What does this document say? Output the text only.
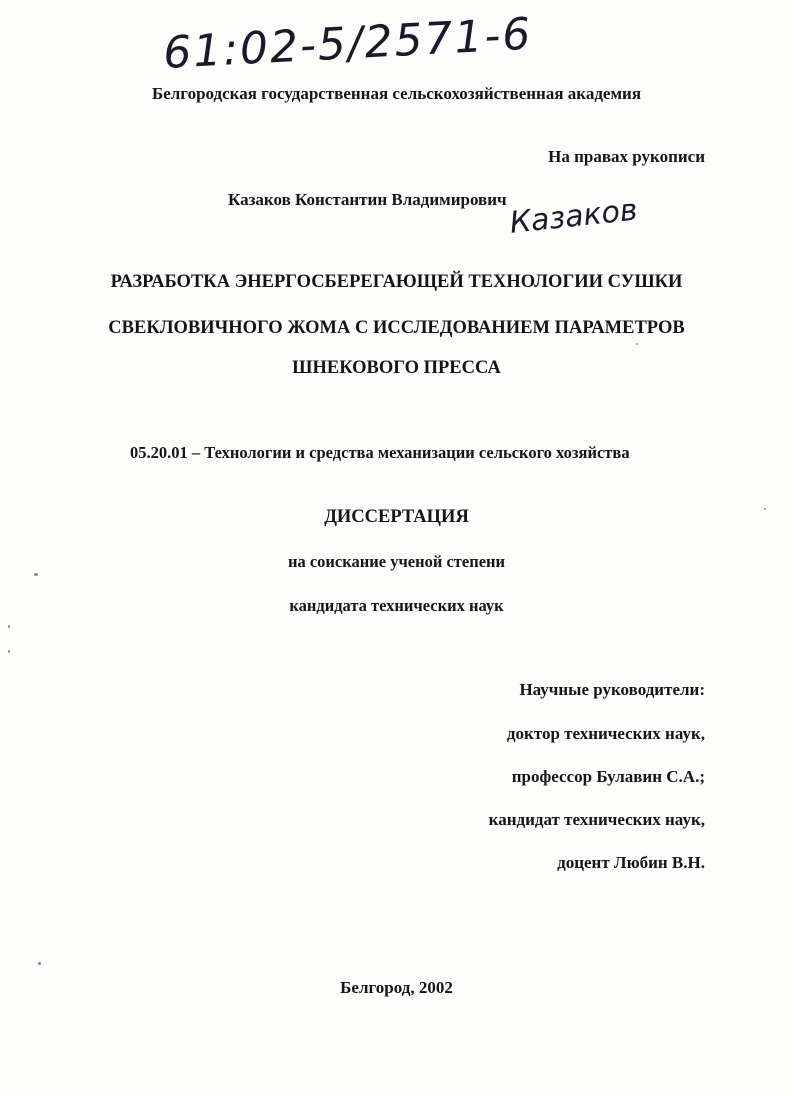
61:02-5/2571-6
Белгородская государственная сельскохозяйственная академия
На правах рукописи
Казаков Константин Владимирович Казаков
РАЗРАБОТКА ЭНЕРГОСБЕРЕГАЮЩЕЙ ТЕХНОЛОГИИ СУШКИ
СВЕКЛОВИЧНОГО ЖОМА С ИССЛЕДОВАНИЕМ ПАРАМЕТРОВ
ШНЕКОВОГО ПРЕССА
05.20.01 – Технологии и средства механизации сельского хозяйства
ДИССЕРТАЦИЯ
на соискание ученой степени
кандидата технических наук
Научные руководители:
доктор технических наук,
профессор Булавин С.А.;
кандидат технических наук,
доцент Любин В.Н.
Белгород, 2002
